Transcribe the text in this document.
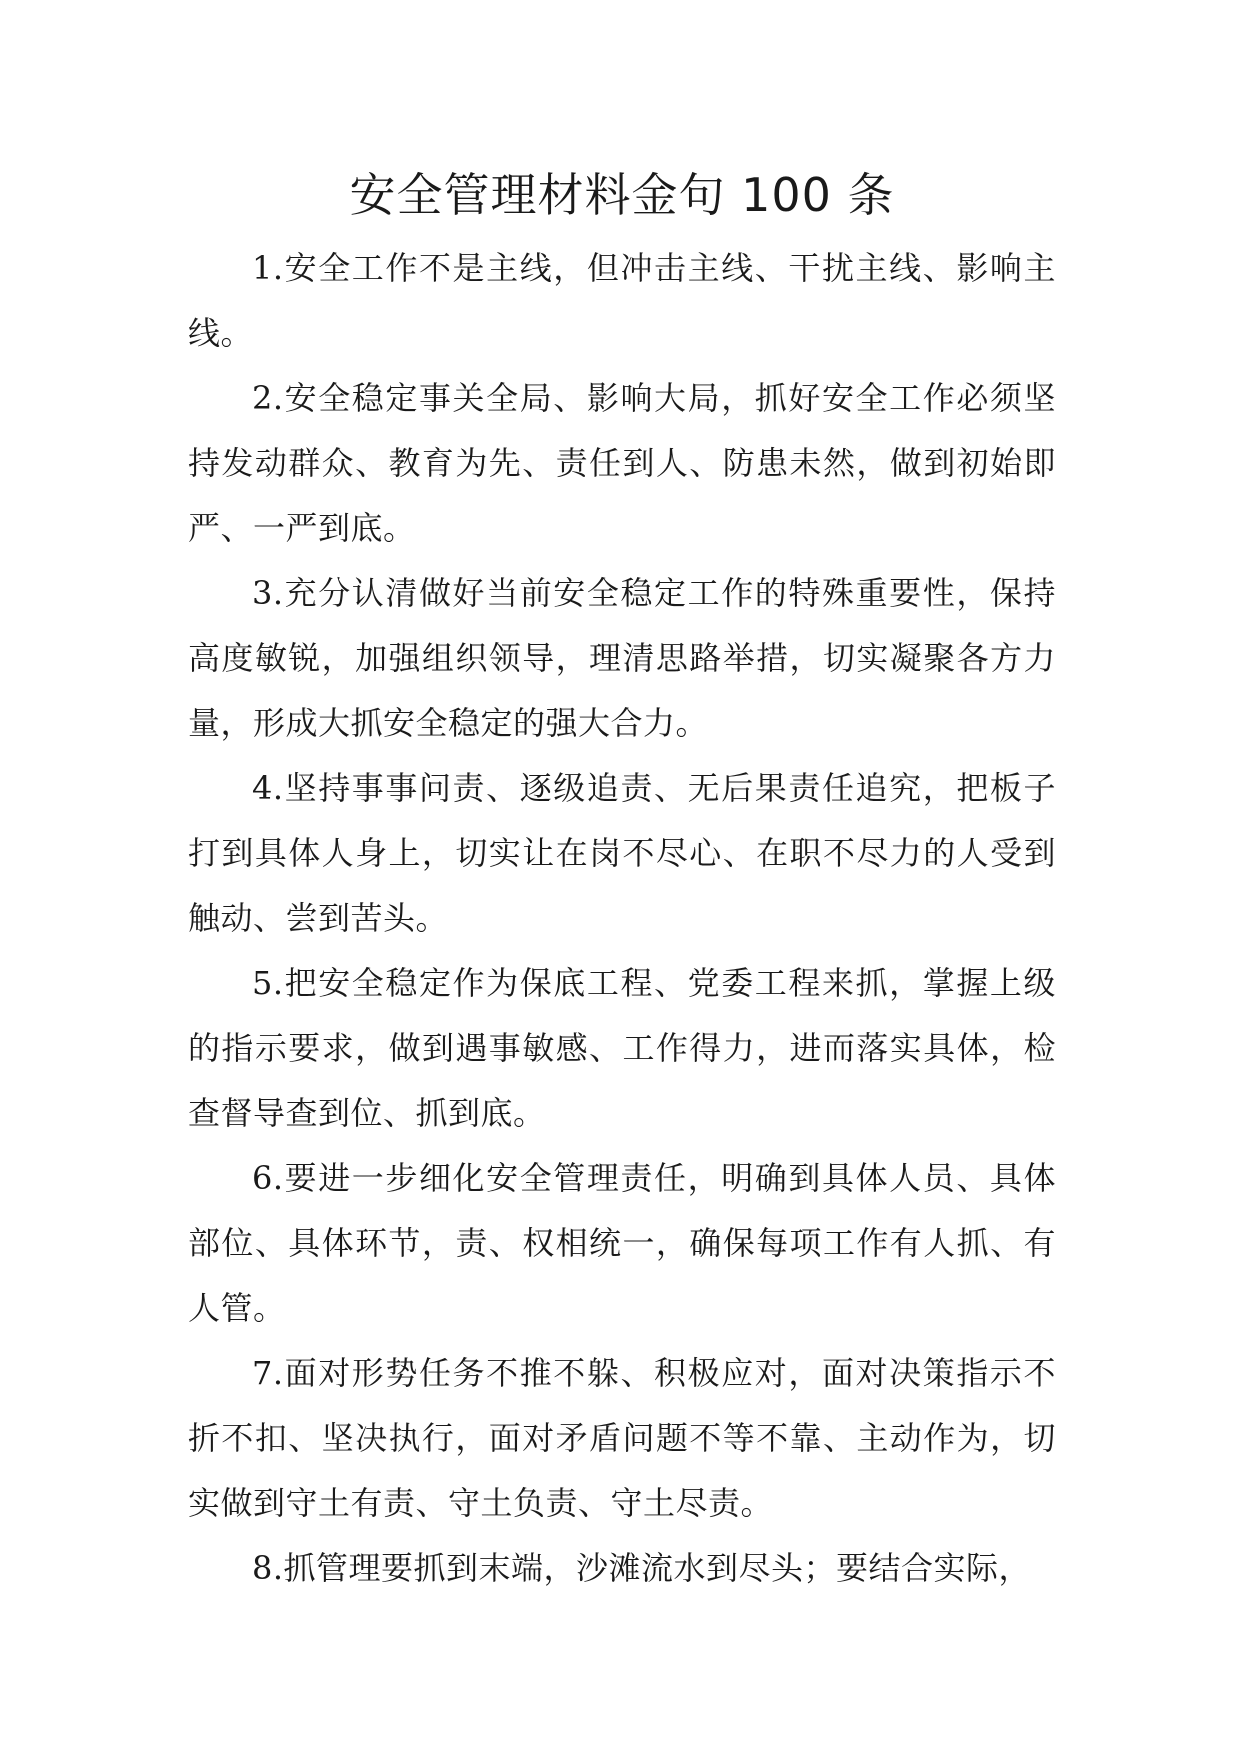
安全管理材料金句 100 条

1.安全工作不是主线，但冲击主线、干扰主线、影响主线。

2.安全稳定事关全局、影响大局，抓好安全工作必须坚持发动群众、教育为先、责任到人、防患未然，做到初始即严、一严到底。

3.充分认清做好当前安全稳定工作的特殊重要性，保持高度敏锐，加强组织领导，理清思路举措，切实凝聚各方力量，形成大抓安全稳定的强大合力。

4.坚持事事问责、逐级追责、无后果责任追究，把板子打到具体人身上，切实让在岗不尽心、在职不尽力的人受到触动、尝到苦头。

5.把安全稳定作为保底工程、党委工程来抓，掌握上级的指示要求，做到遇事敏感、工作得力，进而落实具体，检查督导查到位、抓到底。

6.要进一步细化安全管理责任，明确到具体人员、具体部位、具体环节，责、权相统一，确保每项工作有人抓、有人管。

7.面对形势任务不推不躲、积极应对，面对决策指示不折不扣、坚决执行，面对矛盾问题不等不靠、主动作为，切实做到守土有责、守土负责、守土尽责。

8.抓管理要抓到末端，沙滩流水到尽头；要结合实际，
